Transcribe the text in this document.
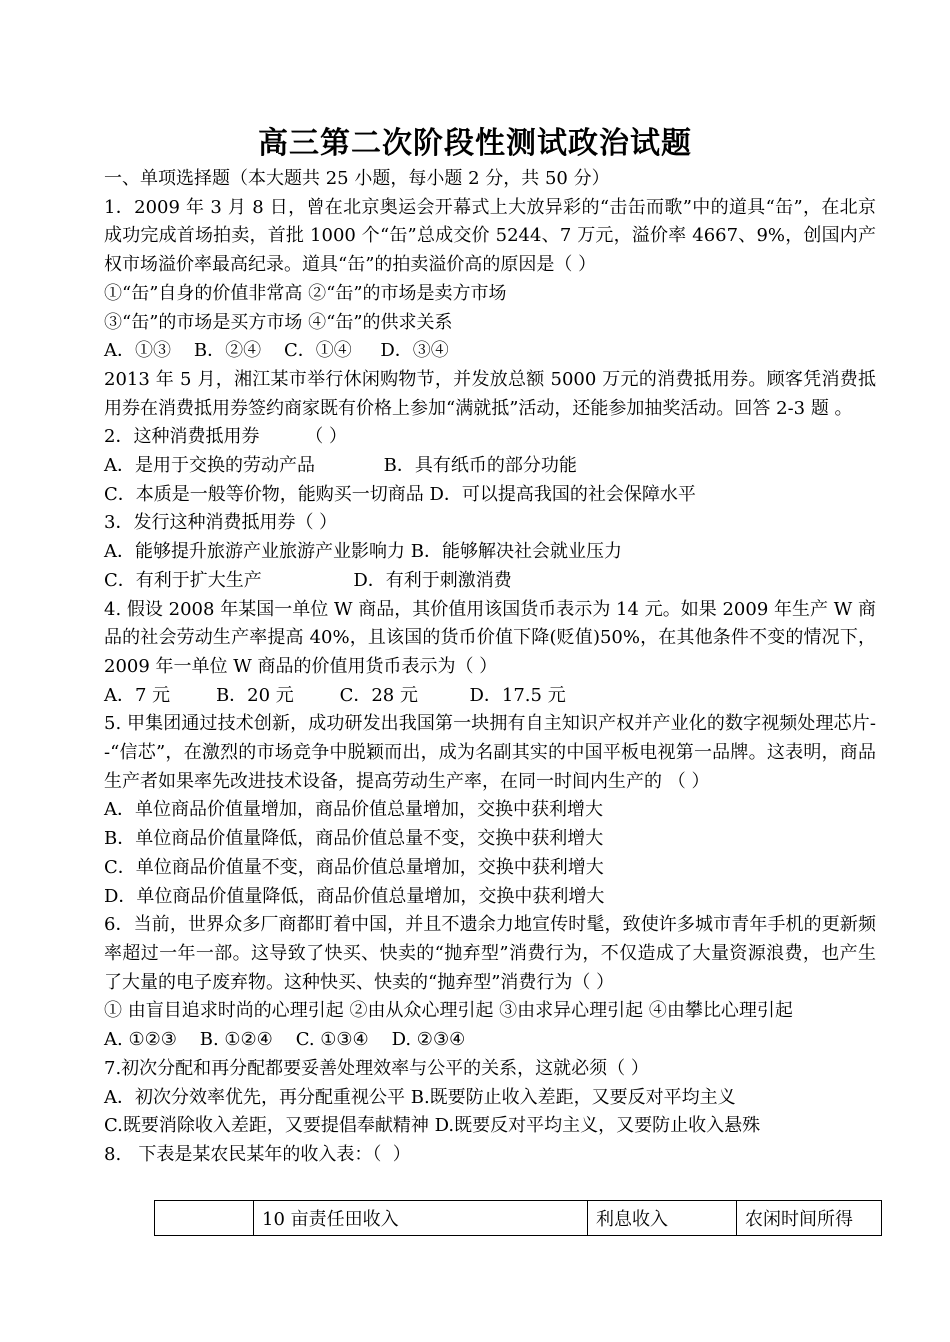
高三第二次阶段性测试政治试题

一、单项选择题（本大题共 25 小题，每小题 2 分，共 50 分）

1．2009 年 3 月 8 日，曾在北京奥运会开幕式上大放异彩的“击缶而歌”中的道具“缶”，在北京成功完成首场拍卖，首批 1000 个“缶”总成交价 5244、7 万元，溢价率 4667、9%，创国内产权市场溢价率最高纪录。道具“缶”的拍卖溢价高的原因是（ ）

①“缶”自身的价值非常高 ②“缶”的市场是卖方市场

③“缶”的市场是买方市场 ④“缶”的供求关系

A．①③    B．②④    C．①④     D．③④

2013 年 5 月，湘江某市举行休闲购物节，并发放总额 5000 万元的消费抵用券。顾客凭消费抵用券在消费抵用券签约商家既有价格上参加“满就抵”活动，还能参加抽奖活动。回答 2-3 题 。

2．这种消费抵用券        （ ）

A．是用于交换的劳动产品            B．具有纸币的部分功能

C．本质是一般等价物，能购买一切商品 D．可以提高我国的社会保障水平

3．发行这种消费抵用券（ ）

A．能够提升旅游产业旅游产业影响力 B．能够解决社会就业压力

C．有利于扩大生产                D．有利于刺激消费

4. 假设 2008 年某国一单位 W 商品，其价值用该国货币表示为 14 元。如果 2009 年生产 W 商品的社会劳动生产率提高 40%，且该国的货币价值下降(贬值)50%，在其他条件不变的情况下，2009 年一单位 W 商品的价值用货币表示为（ ）

A．7 元        B．20 元        C．28 元         D．17.5 元

5. 甲集团通过技术创新，成功研发出我国第一块拥有自主知识产权并产业化的数字视频处理芯片--“信芯”，在激烈的市场竞争中脱颖而出，成为名副其实的中国平板电视第一品牌。这表明，商品生产者如果率先改进技术设备，提高劳动生产率，在同一时间内生产的 （ ）

A．单位商品价值量增加，商品价值总量增加，交换中获利增大

B．单位商品价值量降低，商品价值总量不变，交换中获利增大

C．单位商品价值量不变，商品价值总量增加，交换中获利增大

D．单位商品价值量降低，商品价值总量增加，交换中获利增大

6．当前，世界众多厂商都盯着中国，并且不遗余力地宣传时髦，致使许多城市青年手机的更新频率超过一年一部。这导致了快买、快卖的“抛弃型”消费行为，不仅造成了大量资源浪费，也产生了大量的电子废弃物。这种快买、快卖的“抛弃型”消费行为（ ）

① 由盲目追求时尚的心理引起 ②由从众心理引起 ③由求异心理引起 ④由攀比心理引起

A. ①②③    B. ①②④    C. ①③④    D. ②③④

7.初次分配和再分配都要妥善处理效率与公平的关系，这就必须（ ）

A．初次分效率优先，再分配重视公平 B.既要防止收入差距，又要反对平均主义

C.既要消除收入差距，又要提倡奉献精神 D.既要反对平均主义，又要防止收入悬殊

8.   下表是某农民某年的收入表：（  ）

	10 亩责任田收入	利息收入	农闲时间所得
